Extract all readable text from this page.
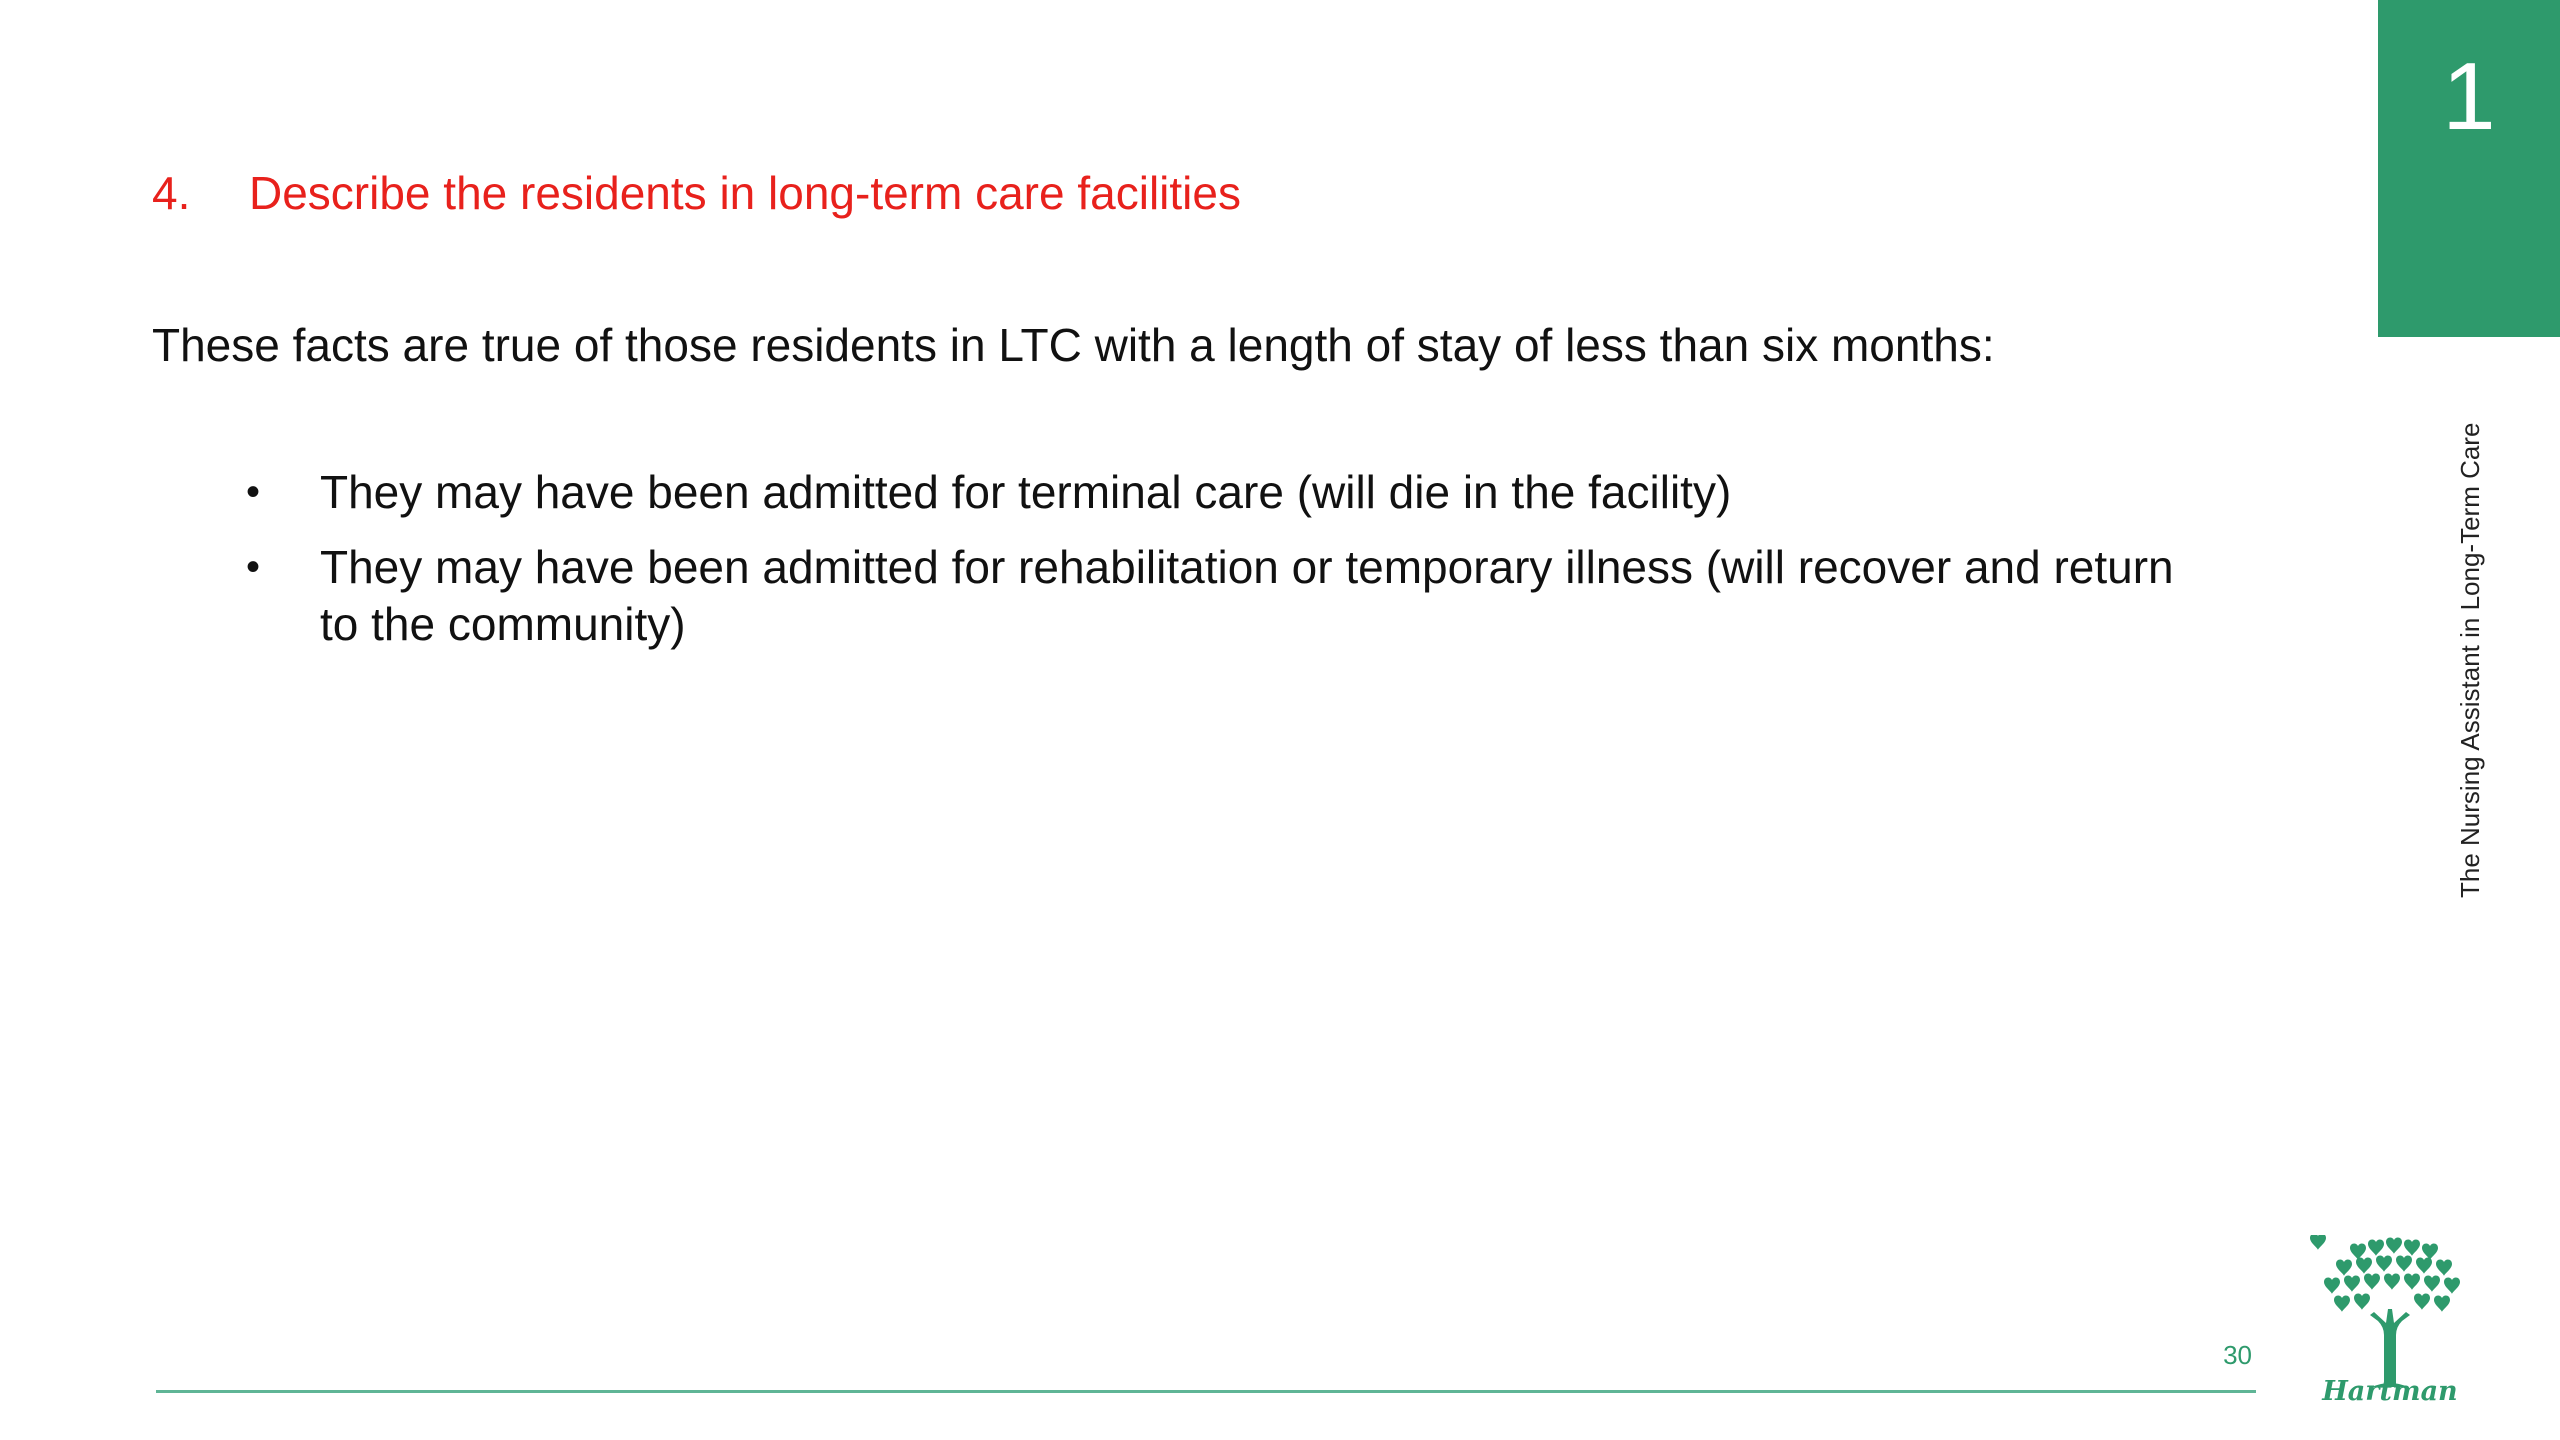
4. Describe the residents in long-term care facilities
These facts are true of those residents in LTC with a length of stay of less than six months:
• They may have been admitted for terminal care (will die in the facility)
• They may have been admitted for rehabilitation or temporary illness (will recover and return to the community)
1
The Nursing Assistant in Long-Term Care
30
Hartman
